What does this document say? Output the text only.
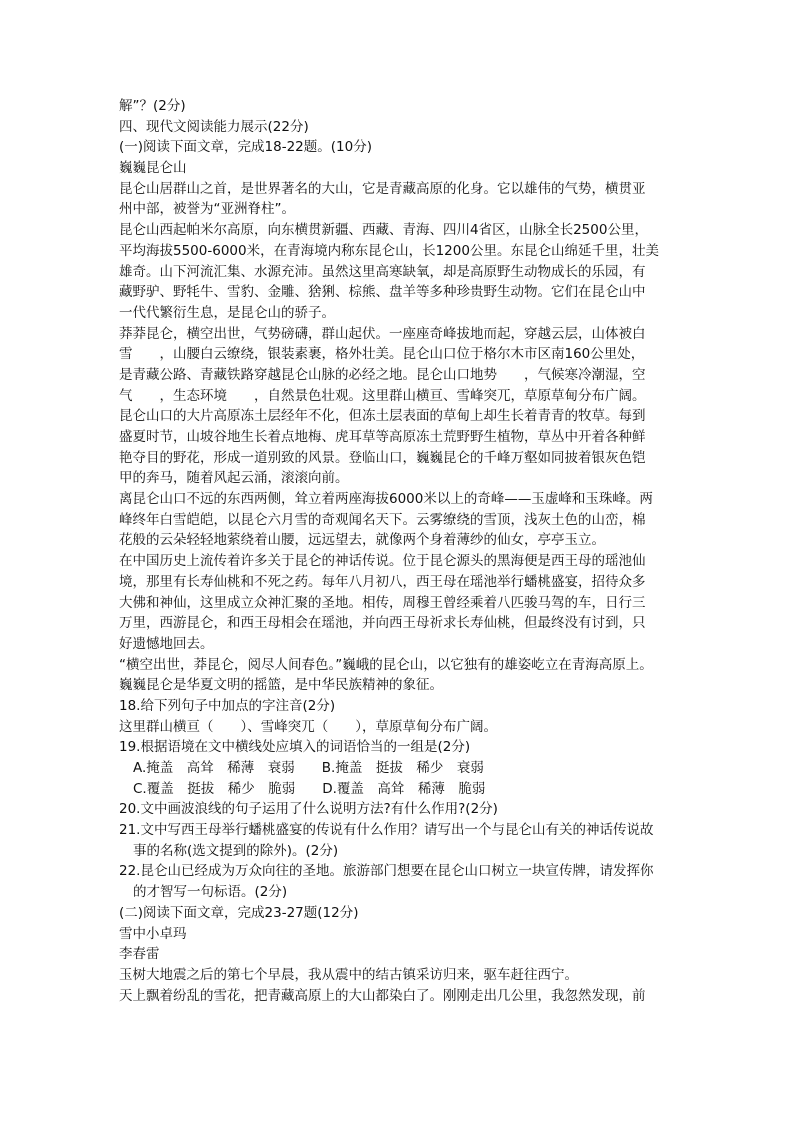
解”？(2分)
四、现代文阅读能力展示(22分)
(一)阅读下面文章，完成18-22题。(10分)
巍巍昆仑山
昆仑山居群山之首，是世界著名的大山，它是青藏高原的化身。它以雄伟的气势，横贯亚
州中部，被誉为“亚洲脊柱”。
昆仑山西起帕米尔高原，向东横贯新疆、西藏、青海、四川4省区，山脉全长2500公里，
平均海拔5500-6000米，在青海境内称东昆仑山，长1200公里。东昆仑山绵延千里，壮美
雄奇。山下河流汇集、水源充沛。虽然这里高寒缺氧，却是高原野生动物成长的乐园，有
藏野驴、野牦牛、雪豹、金雕、猞猁、棕熊、盘羊等多种珍贵野生动物。它们在昆仑山中
一代代繁衍生息，是昆仑山的骄子。
莽莽昆仑，横空出世，气势磅礴，群山起伏。一座座奇峰拔地而起，穿越云层，山体被白
雪　　，山腰白云缭绕，银装素裹，格外壮美。昆仑山口位于格尔木市区南160公里处，
是青藏公路、青藏铁路穿越昆仑山脉的必经之地。昆仑山口地势　　，气候寒冷潮湿，空
气　　，生态环境　　，自然景色壮观。这里群山横亘、雪峰突兀，草原草甸分布广阔。
昆仑山口的大片高原冻土层经年不化，但冻土层表面的草甸上却生长着青青的牧草。每到
盛夏时节，山坡谷地生长着点地梅、虎耳草等高原冻土荒野野生植物，草丛中开着各种鲜
艳夺目的野花，形成一道别致的风景。登临山口，巍巍昆仑的千峰万壑如同披着银灰色铠
甲的奔马，随着风起云涌，滚滚向前。
离昆仑山口不远的东西两侧，耸立着两座海拔6000米以上的奇峰——玉虚峰和玉珠峰。两
峰终年白雪皑皑，以昆仑六月雪的奇观闻名天下。云雾缭绕的雪顶，浅灰土色的山峦，棉
花般的云朵轻轻地萦绕着山腰，远远望去，就像两个身着薄纱的仙女，亭亭玉立。
在中国历史上流传着许多关于昆仑的神话传说。位于昆仑源头的黑海便是西王母的瑶池仙
境，那里有长寿仙桃和不死之药。每年八月初八，西王母在瑶池举行蟠桃盛宴，招待众多
大佛和神仙，这里成立众神汇聚的圣地。相传，周穆王曾经乘着八匹骏马驾的车，日行三
万里，西游昆仑，和西王母相会在瑶池，并向西王母祈求长寿仙桃，但最终没有讨到，只
好遗憾地回去。
“横空出世，莽昆仑，阅尽人间春色。”巍峨的昆仑山，以它独有的雄姿屹立在青海高原上。
巍巍昆仑是华夏文明的摇篮，是中华民族精神的象征。
18.给下列句子中加点的字注音(2分)
这里群山横亘（　　）、雪峰突兀（　　），草原草甸分布广阔。
19.根据语境在文中横线处应填入的词语恰当的一组是(2分)
A.掩盖　高耸　稀薄　衰弱　　B.掩盖　挺拔　稀少　衰弱
C.覆盖　挺拔　稀少　脆弱　　D.覆盖　高耸　稀薄　脆弱
20.文中画波浪线的句子运用了什么说明方法?有什么作用?(2分)
21.文中写西王母举行蟠桃盛宴的传说有什么作用？请写出一个与昆仑山有关的神话传说故
事的名称(选文提到的除外)。(2分)
22.昆仑山已经成为万众向往的圣地。旅游部门想要在昆仑山口树立一块宣传牌，请发挥你
的才智写一句标语。(2分)
(二)阅读下面文章，完成23-27题(12分)
雪中小卓玛
李春雷
玉树大地震之后的第七个早晨，我从震中的结古镇采访归来，驱车赶往西宁。
天上飘着纷乱的雪花，把青藏高原上的大山都染白了。刚刚走出几公里，我忽然发现，前
